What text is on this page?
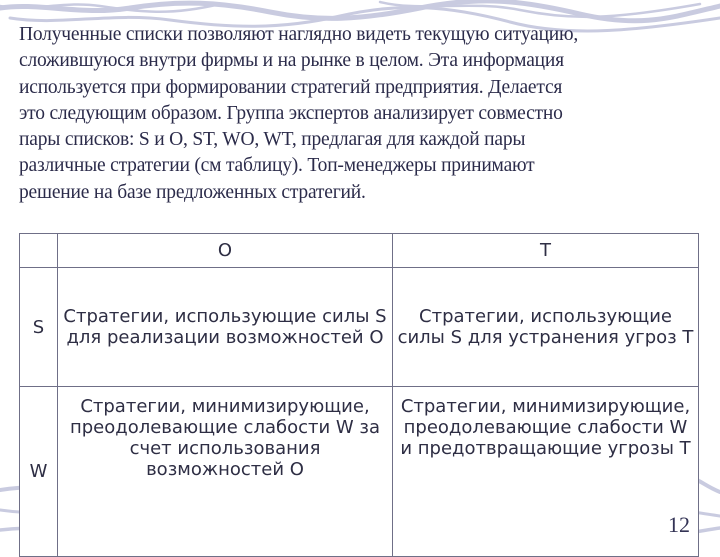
Полученные списки позволяют наглядно видеть текущую ситуацию,
сложившуюся внутри фирмы и на рынке в целом. Эта информация
используется при формировании стратегий предприятия. Делается
это следующим образом. Группа экспертов анализирует совместно
пары списков: S и O, ST, WO, WT, предлагая для каждой пары
различные стратегии (см таблицу). Топ-менеджеры принимают
решение на базе предложенных стратегий.
	O	T
S	Стратегии, использующие силы S для реализации возможностей O	Стратегии, использующие силы S для устранения угроз T

W	Стратегии, минимизирующие, преодолевающие слабости W за счет использования возможностей O	Стратегии, минимизирующие, преодолевающие слабости W и предотвращающие угрозы T
12
